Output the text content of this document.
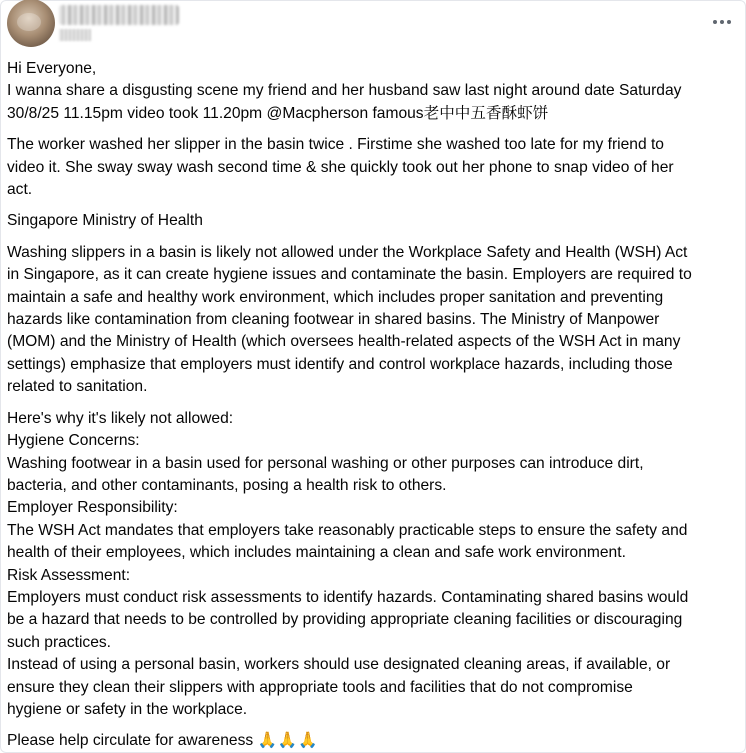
Hi Everyone,

I wanna share a disgusting scene my friend and her husband saw last night around date Saturday

30/8/25 11.15pm video took 11.20pm @Macpherson famous老中中五香酥虾饼

The worker washed her slipper in the basin twice . Firstime she washed too late for my friend to

video it. She sway sway wash second time & she quickly took out her phone to snap video of her

act.

Singapore Ministry of Health

Washing slippers in a basin is likely not allowed under the Workplace Safety and Health (WSH) Act

in Singapore, as it can create hygiene issues and contaminate the basin. Employers are required to

maintain a safe and healthy work environment, which includes proper sanitation and preventing

hazards like contamination from cleaning footwear in shared basins. The Ministry of Manpower

(MOM) and the Ministry of Health (which oversees health-related aspects of the WSH Act in many

settings) emphasize that employers must identify and control workplace hazards, including those

related to sanitation.

Here's why it's likely not allowed:

Hygiene Concerns:

Washing footwear in a basin used for personal washing or other purposes can introduce dirt,

bacteria, and other contaminants, posing a health risk to others.

Employer Responsibility:

The WSH Act mandates that employers take reasonably practicable steps to ensure the safety and

health of their employees, which includes maintaining a clean and safe work environment.

Risk Assessment:

Employers must conduct risk assessments to identify hazards. Contaminating shared basins would

be a hazard that needs to be controlled by providing appropriate cleaning facilities or discouraging

such practices.

Instead of using a personal basin, workers should use designated cleaning areas, if available, or

ensure they clean their slippers with appropriate tools and facilities that do not compromise

hygiene or safety in the workplace.

Please help circulate for awareness 🙏🙏🙏
